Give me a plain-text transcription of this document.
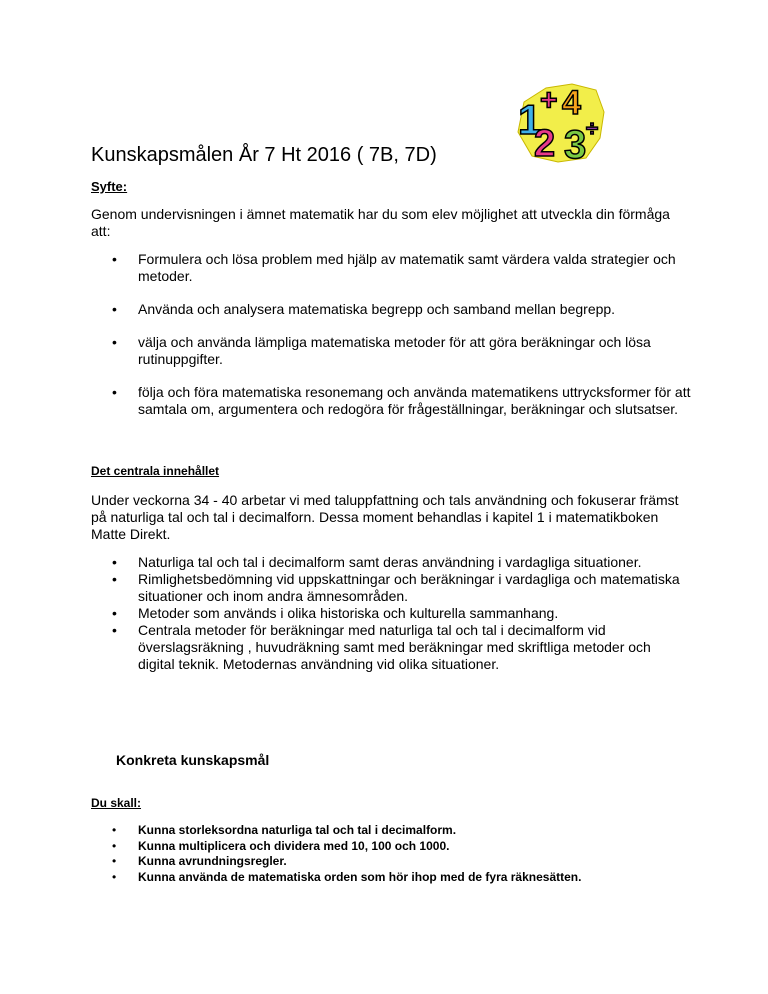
1
+ 4
2 3 ÷
Kunskapsmålen År 7 Ht 2016 ( 7B, 7D)
Syfte:

Genom undervisningen i ämnet matematik har du som elev möjlighet att utveckla din förmåga att:

• Formulera och lösa problem med hjälp av matematik samt värdera valda strategier och metoder.
• Använda och analysera matematiska begrepp och samband mellan begrepp.
• välja och använda lämpliga matematiska metoder för att göra beräkningar och lösa rutinuppgifter.
• följa och föra matematiska resonemang och använda matematikens uttrycksformer för att samtala om, argumentera och redogöra för frågeställningar, beräkningar och slutsatser.
Det centrala innehållet

Under veckorna 34 - 40 arbetar vi med taluppfattning och tals användning och fokuserar främst på naturliga tal och tal i decimalforn. Dessa moment behandlas i kapitel 1 i matematikboken Matte Direkt.

• Naturliga tal och tal i decimalform samt deras användning i vardagliga situationer.
• Rimlighetsbedömning vid uppskattningar och beräkningar i vardagliga och matematiska situationer och inom andra ämnesområden.
• Metoder som används i olika historiska och kulturella sammanhang.
• Centrala metoder för beräkningar med naturliga tal och tal i decimalform vid överslagsräkning , huvudräkning samt med beräkningar med skriftliga metoder och digital teknik. Metodernas användning vid olika situationer.
Konkreta kunskapsmål
Du skall:
• Kunna storleksordna naturliga tal och tal i decimalform.
• Kunna multiplicera och dividera med 10, 100 och 1000.
• Kunna avrundningsregler.
• Kunna använda de matematiska orden som hör ihop med de fyra räknesätten.
